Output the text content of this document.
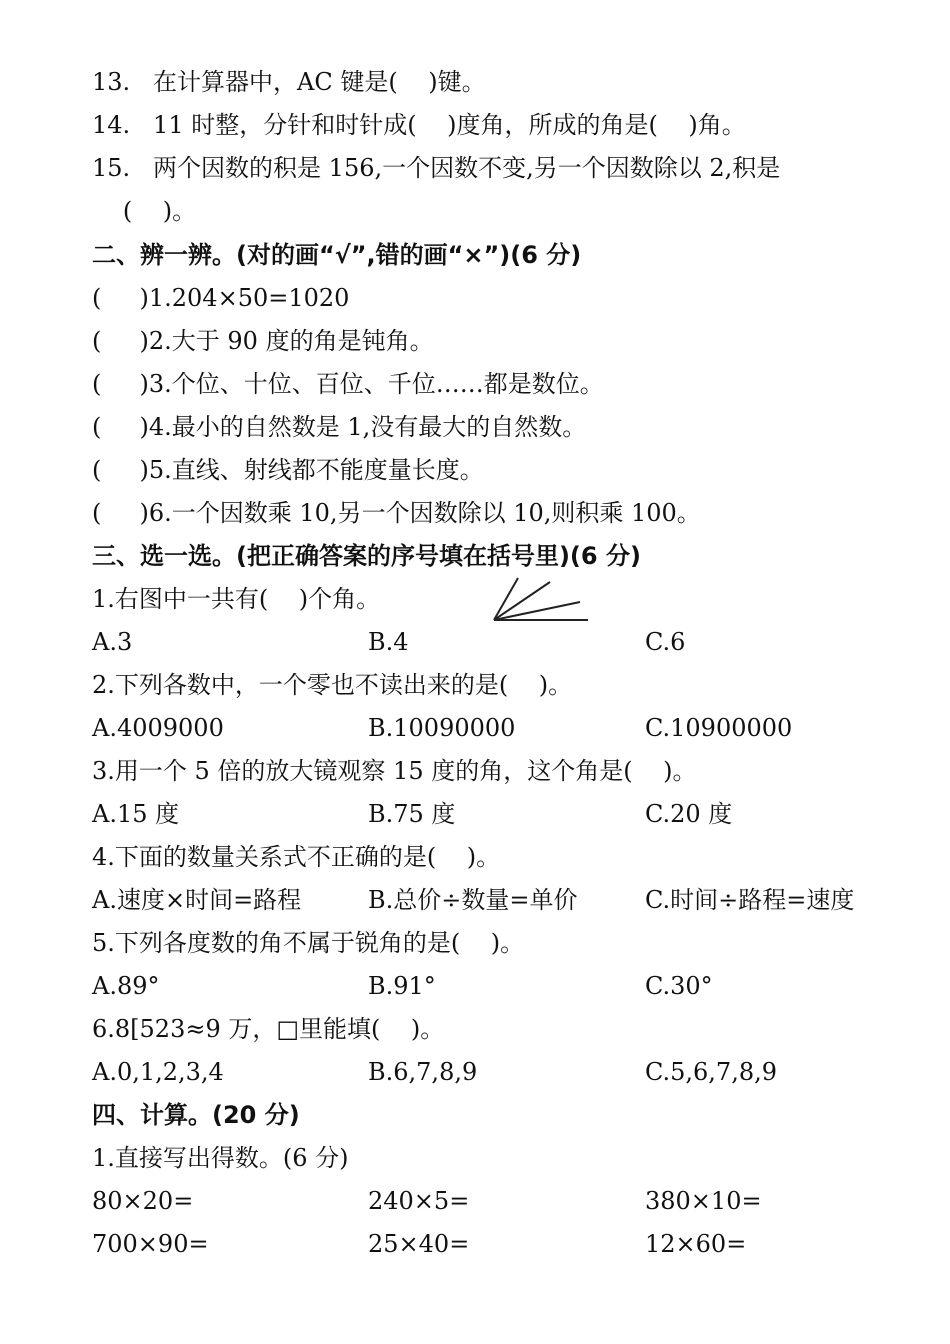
13.   在计算器中，AC 键是(    )键。
14.   11 时整，分针和时针成(    )度角，所成的角是(    )角。
15.   两个因数的积是 156,一个因数不变,另一个因数除以 2,积是
(    )。
二、辨一辨。(对的画“√”,错的画“×”)(6 分)
(     )1.204×50=1020
(     )2.大于 90 度的角是钝角。
(     )3.个位、十位、百位、千位……都是数位。
(     )4.最小的自然数是 1,没有最大的自然数。
(     )5.直线、射线都不能度量长度。
(     )6.一个因数乘 10,另一个因数除以 10,则积乘 100。
三、选一选。(把正确答案的序号填在括号里)(6 分)
1.右图中一共有(    )个角。
A.3	B.4	C.6
2.下列各数中，一个零也不读出来的是(    )。
A.4009000	B.10090000	C.10900000
3.用一个 5 倍的放大镜观察 15 度的角，这个角是(    )。
A.15 度	B.75 度	C.20 度
4.下面的数量关系式不正确的是(    )。
A.速度×时间=路程	B.总价÷数量=单价	C.时间÷路程=速度
5.下列各度数的角不属于锐角的是(    )。
A.89°	B.91°	C.30°
6.8[523≈9 万，□里能填(    )。
A.0,1,2,3,4	B.6,7,8,9	C.5,6,7,8,9
四、计算。(20 分)
1.直接写出得数。(6 分)
80×20=	240×5=	380×10=
700×90=	25×40=	12×60=
